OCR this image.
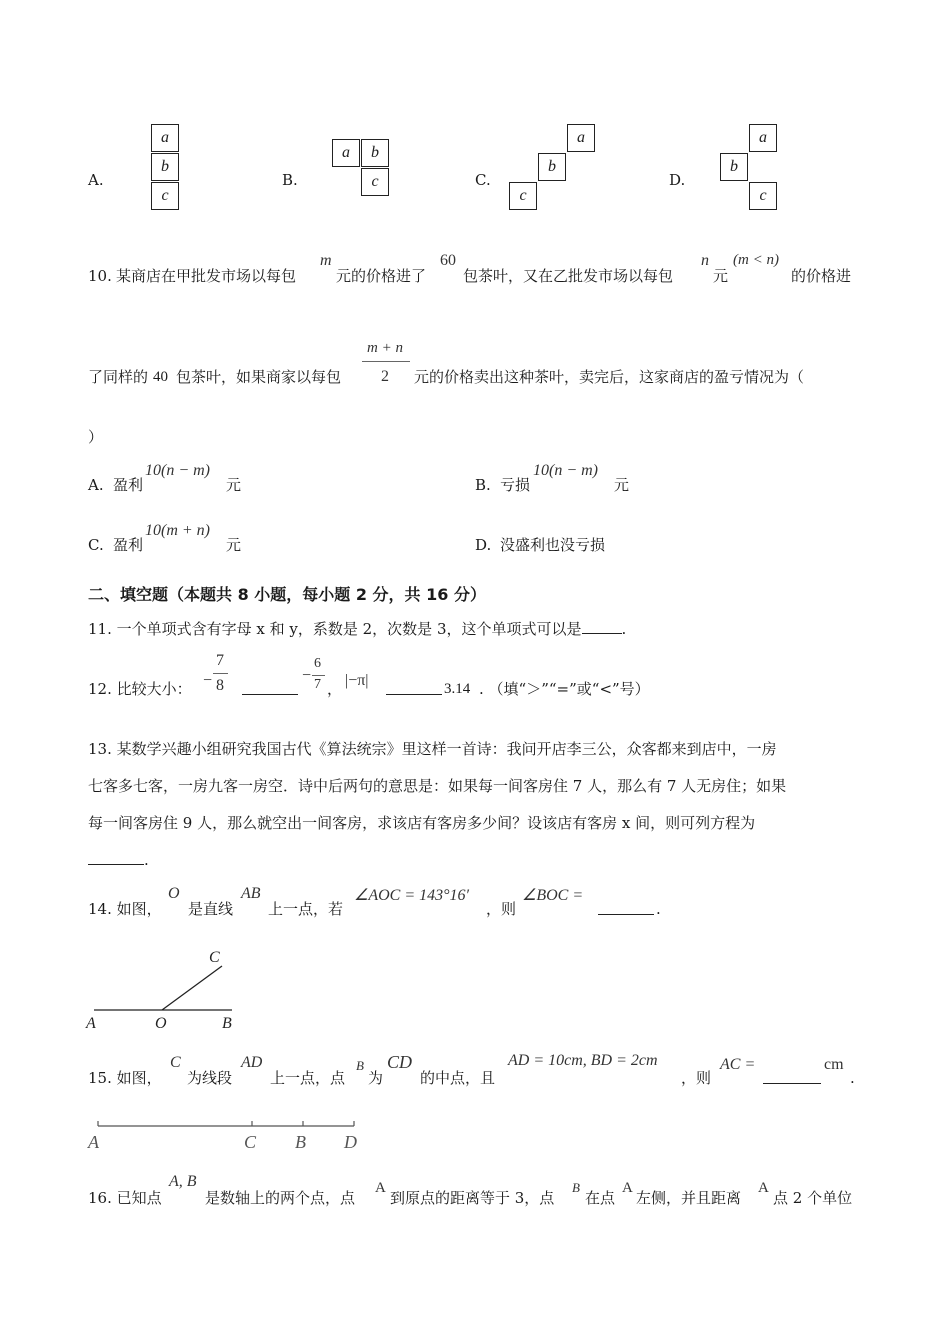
A.
a
b
c
B.
a	b
c	C.
a
b
c
D.
a
b
c
10. 某商店在甲批发市场以每包
m
元的价格进了
60
包茶叶，又在乙批发市场以每包
n
元
(m < n)
的价格进
了同样的 40 包茶叶，如果商家以每包
m + n
2 元的价格卖出这种茶叶，卖完后，这家商店的盈亏情况为（
）
A. 盈利
10(n − m)
元	B. 亏损
10(n − m)
元
C. 盈利
10(m + n)
元	D. 没盛利也没亏损
二、填空题（本题共 8 小题，每小题 2 分，共 16 分）
11. 一个单项式含有字母 x 和 y，系数是 2，次数是 3，这个单项式可以是	.
12. 比较大小： −
7
8
−
6
7 ， |−π|	3.14 . （填“＞”“=”或“<”号）
13. 某数学兴趣小组研究我国古代《算法统宗》里这样一首诗：我问开店李三公，众客都来到店中，一房
七客多七客，一房九客一房空．诗中后两句的意思是：如果每一间客房住 7 人，那么有 7 人无房住；如果
每一间客房住 9 人，那么就空出一间客房，求该店有客房多少间？设该店有客房 x 间，则可列方程为
.
14. 如图，
O
是直线
AB
上一点，若
∠AOC = 143°16′
，则
∠BOC =
.
A	O	B
C
15. 如图，
C
为线段
AD
上一点，点
B
为
CD
的中点，且
AD = 10cm, BD = 2cm
，则
AC =	cm
.
A	C B D
16. 已知点
A, B
是数轴上的两个点，点
A
到原点的距离等于 3，点
B
在点
A
左侧，并且距离
A
点 2 个单位
